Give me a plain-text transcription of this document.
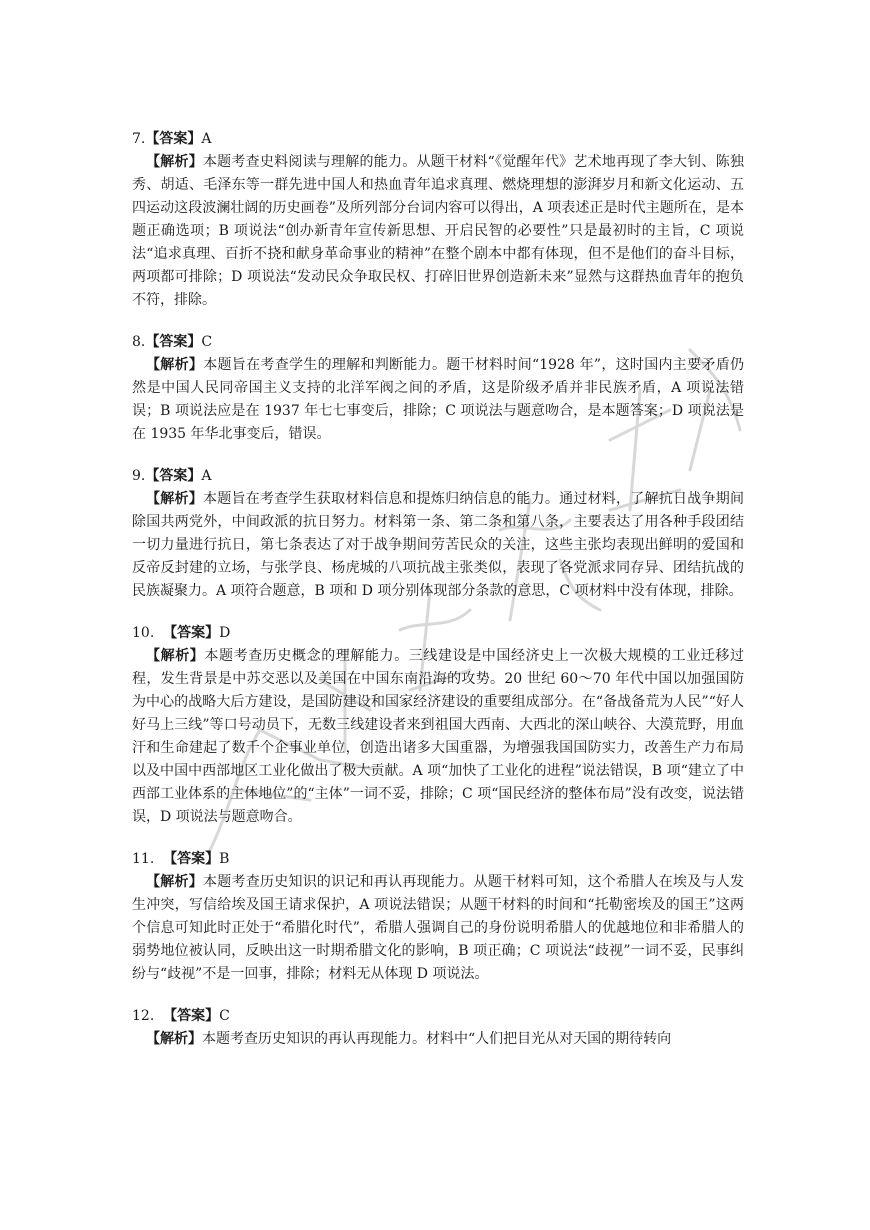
7.【答案】A

【解析】本题考查史料阅读与理解的能力。从题干材料“《觉醒年代》艺术地再现了李大钊、陈独秀、胡适、毛泽东等一群先进中国人和热血青年追求真理、燃烧理想的澎湃岁月和新文化运动、五四运动这段波澜壮阔的历史画卷”及所列部分台词内容可以得出，A 项表述正是时代主题所在，是本题正确选项；B 项说法“创办新青年宣传新思想、开启民智的必要性”只是最初时的主旨，C 项说法“追求真理、百折不挠和献身革命事业的精神”在整个剧本中都有体现，但不是他们的奋斗目标，两项都可排除；D 项说法“发动民众争取民权、打碎旧世界创造新未来”显然与这群热血青年的抱负不符，排除。

8.【答案】C

【解析】本题旨在考查学生的理解和判断能力。题干材料时间“1928 年”，这时国内主要矛盾仍然是中国人民同帝国主义支持的北洋军阀之间的矛盾，这是阶级矛盾并非民族矛盾，A 项说法错误；B 项说法应是在 1937 年七七事变后，排除；C 项说法与题意吻合，是本题答案；D 项说法是在 1935 年华北事变后，错误。

9.【答案】A

【解析】本题旨在考查学生获取材料信息和提炼归纳信息的能力。通过材料，了解抗日战争期间除国共两党外，中间政派的抗日努力。材料第一条、第二条和第八条，主要表达了用各种手段团结一切力量进行抗日，第七条表达了对于战争期间劳苦民众的关注，这些主张均表现出鲜明的爱国和反帝反封建的立场，与张学良、杨虎城的八项抗战主张类似，表现了各党派求同存异、团结抗战的民族凝聚力。A 项符合题意，B 项和 D 项分别体现部分条款的意思，C 项材料中没有体现，排除。

10. 【答案】D

【解析】本题考查历史概念的理解能力。三线建设是中国经济史上一次极大规模的工业迁移过程，发生背景是中苏交恶以及美国在中国东南沿海的攻势。20 世纪 60～70 年代中国以加强国防为中心的战略大后方建设，是国防建设和国家经济建设的重要组成部分。在“备战备荒为人民”“好人好马上三线”等口号动员下，无数三线建设者来到祖国大西南、大西北的深山峡谷、大漠荒野，用血汗和生命建起了数千个企事业单位，创造出诸多大国重器，为增强我国国防实力，改善生产力布局以及中国中西部地区工业化做出了极大贡献。A 项“加快了工业化的进程”说法错误，B 项“建立了中西部工业体系的主体地位”的“主体”一词不妥，排除；C 项“国民经济的整体布局”没有改变，说法错误，D 项说法与题意吻合。

11. 【答案】B

【解析】本题考查历史知识的识记和再认再现能力。从题干材料可知，这个希腊人在埃及与人发生冲突，写信给埃及国王请求保护，A 项说法错误；从题干材料的时间和“托勒密埃及的国王”这两个信息可知此时正处于“希腊化时代”，希腊人强调自己的身份说明希腊人的优越地位和非希腊人的弱势地位被认同，反映出这一时期希腊文化的影响，B 项正确；C 项说法“歧视”一词不妥，民事纠纷与“歧视”不是一回事，排除；材料无从体现 D 项说法。

12. 【答案】C

【解析】本题考查历史知识的再认再现能力。材料中“人们把目光从对天国的期待转向
